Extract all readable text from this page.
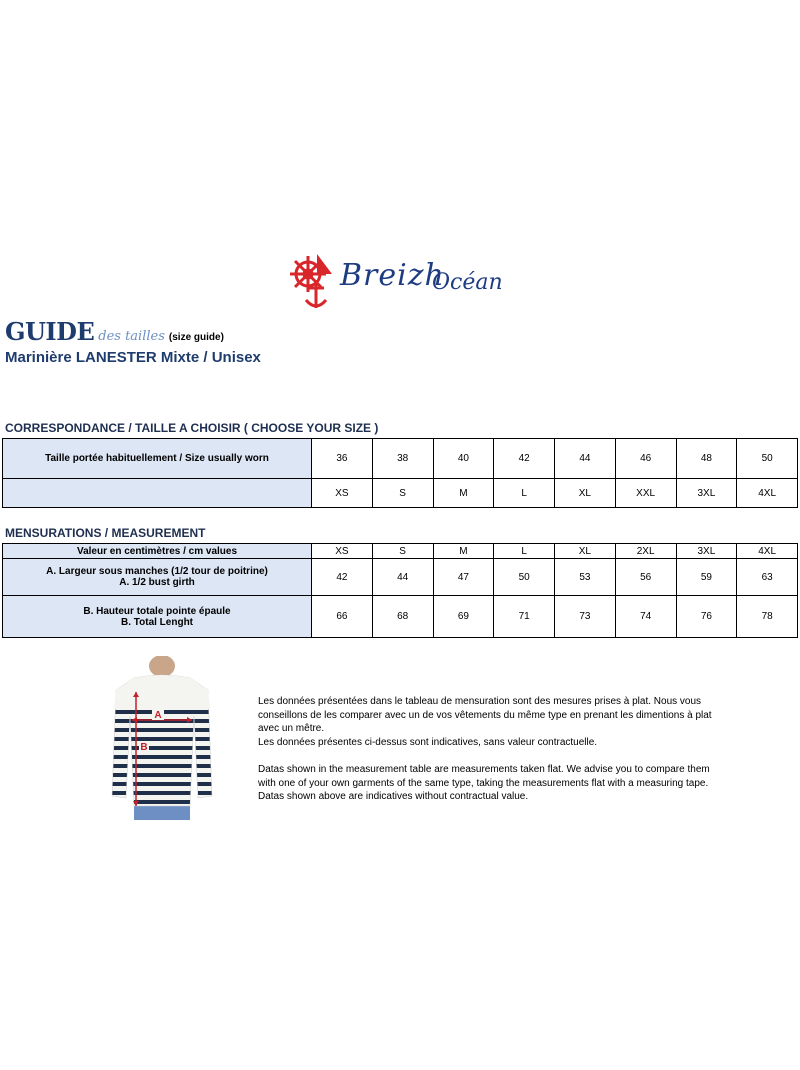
Breizh
Océan
GUIDE des tailles (size guide)
Marinière LANESTER Mixte / Unisex
CORRESPONDANCE / TAILLE A CHOISIR ( CHOOSE YOUR SIZE )
Taille portée habituellement / Size usually worn	36	38	40	42	44	46	48	50
	XS	S	M	L	XL	XXL	3XL	4XL
MENSURATIONS / MEASUREMENT
Valeur en centimètres / cm values	XS	S	M	L	XL	2XL	3XL	4XL

A. Largeur sous manches (1/2 tour de poitrine)
A. 1/2 bust girth	42	44	47	50	53	56	59	63

B. Hauteur totale pointe épaule
B. Total Lenght	66	68	69	71	73	74	76	78
A
B
Les données présentées dans le tableau de mensuration sont des mesures prises à plat. Nous vous
conseillons de les comparer avec un de vos vêtements du même type en prenant les dimentions à plat
avec un mêtre.
Les données présentes ci-dessus sont indicatives, sans valeur contractuelle.
Datas shown in the measurement table are measurements taken flat. We advise you to compare them
with one of your own garments of the same type, taking the measurements flat with a measuring tape.
Datas shown above are indicatives without contractual value.
